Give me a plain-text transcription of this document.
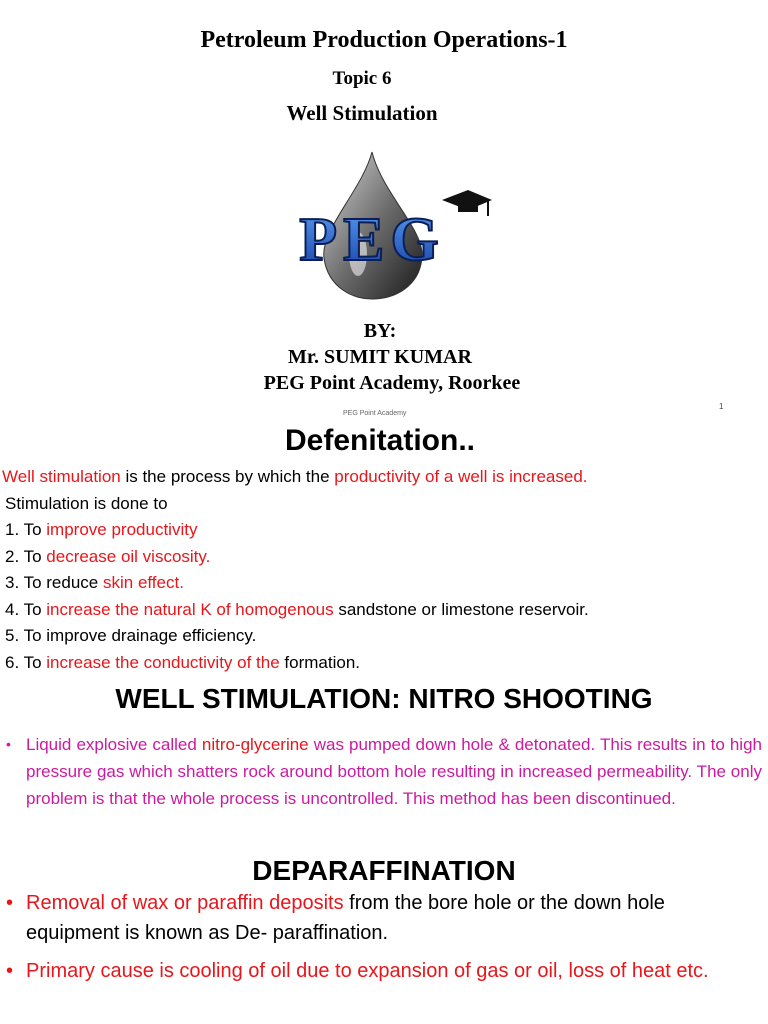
Petroleum Production Operations-1
Topic 6
Well Stimulation
PEG
BY:
Mr. SUMIT KUMAR
PEG Point Academy, Roorkee
PEG Point Academy
1
Defenitation..
Well stimulation is the process by which the productivity of a well is increased.
Stimulation is done to
1. To improve productivity
2. To decrease oil viscosity.
3. To reduce skin effect.
4. To increase the natural K of homogenous sandstone or limestone reservoir.
5. To improve drainage efficiency.
6. To increase the conductivity of the formation.
WELL STIMULATION: NITRO SHOOTING
• Liquid explosive called nitro-glycerine was pumped down hole & detonated. This results in to high pressure gas which shatters rock around bottom hole resulting in increased permeability. The only problem is that the whole process is uncontrolled. This method has been discontinued.
DEPARAFFINATION
• Removal of wax or paraffin deposits from the bore hole or the down hole equipment is known as De- paraffination.
• Primary cause is cooling of oil due to expansion of gas or oil, loss of heat etc.
